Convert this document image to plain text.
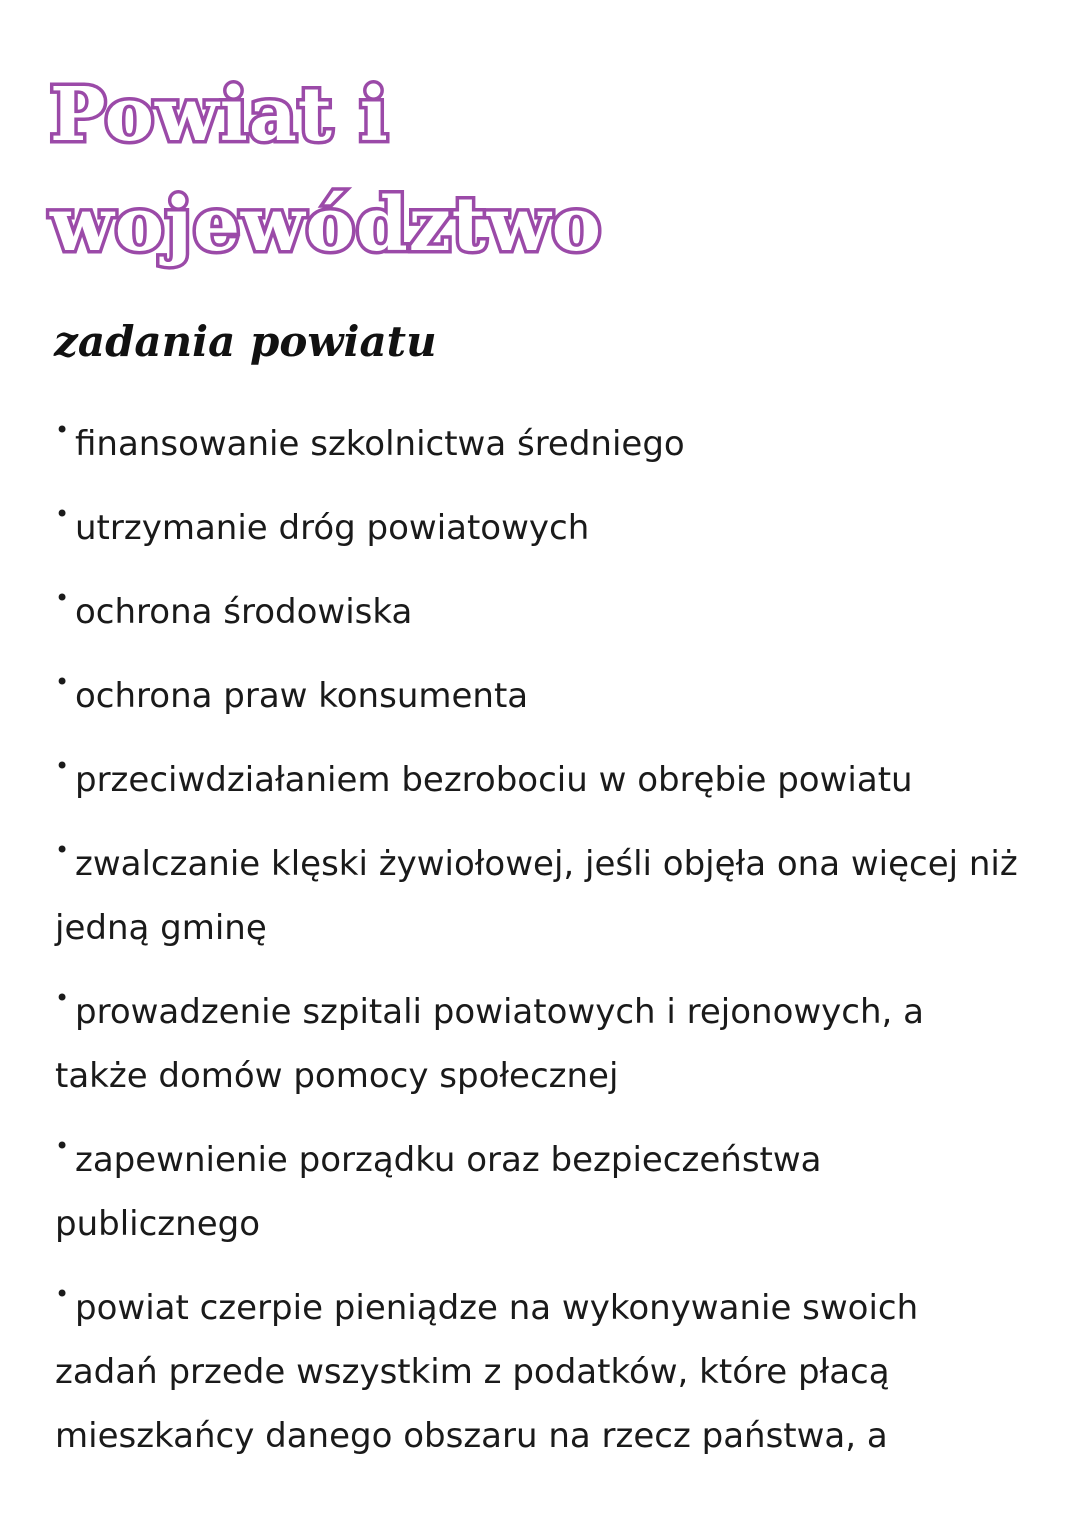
Powiat i województwo
zadania powiatu
• finansowanie szkolnictwa średniego
• utrzymanie dróg powiatowych
• ochrona środowiska
• ochrona praw konsumenta
• przeciwdziałaniem bezrobociu w obrębie powiatu
• zwalczanie klęski żywiołowej, jeśli objęła ona więcej niż jedną gminę
• prowadzenie szpitali powiatowych i rejonowych, a także domów pomocy społecznej
• zapewnienie porządku oraz bezpieczeństwa publicznego
• powiat czerpie pieniądze na wykonywanie swoich zadań przede wszystkim z podatków, które płacą mieszkańcy danego obszaru na rzecz państwa, a
